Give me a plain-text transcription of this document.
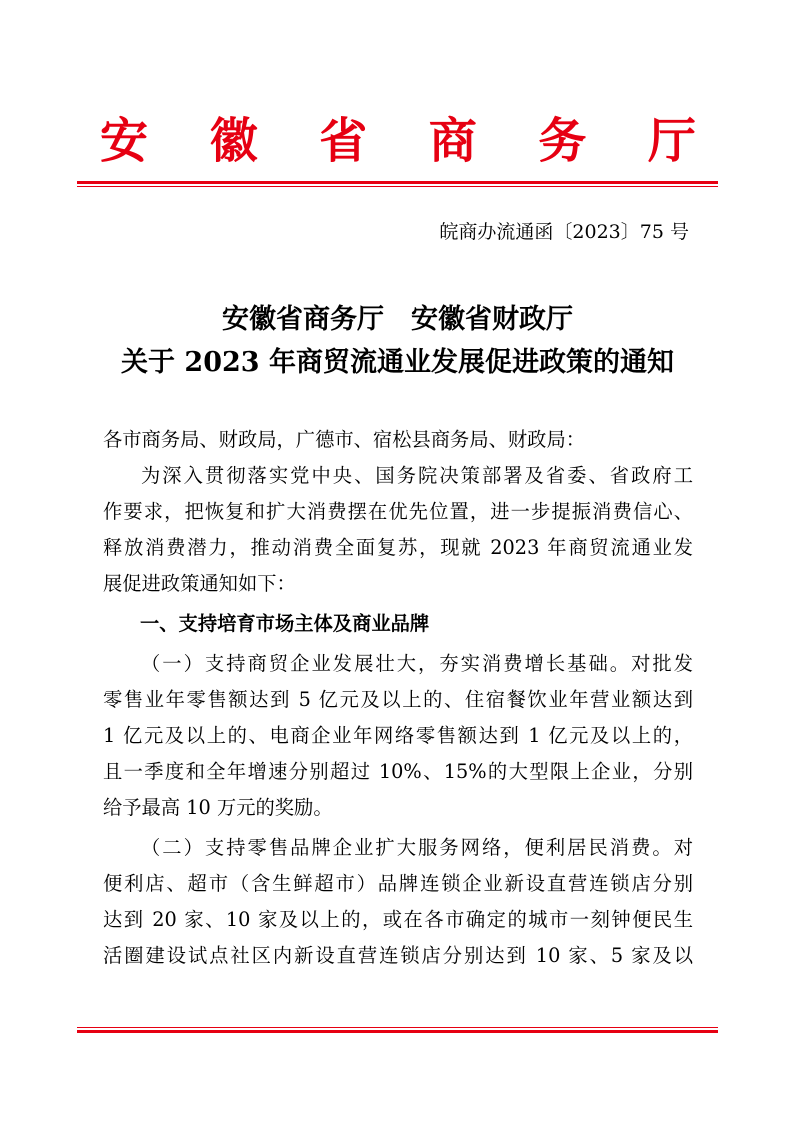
安 徽 省 商 务 厅
皖商办流通函〔2023〕75 号
安徽省商务厅　安徽省财政厅
关于 2023 年商贸流通业发展促进政策的通知
各市商务局、财政局，广德市、宿松县商务局、财政局：
为深入贯彻落实党中央、国务院决策部署及省委、省政府工
作要求，把恢复和扩大消费摆在优先位置，进一步提振消费信心、
释放消费潜力，推动消费全面复苏，现就 2023 年商贸流通业发
展促进政策通知如下：
一、支持培育市场主体及商业品牌
（一）支持商贸企业发展壮大，夯实消费增长基础。对批发
零售业年零售额达到 5 亿元及以上的、住宿餐饮业年营业额达到
1 亿元及以上的、电商企业年网络零售额达到 1 亿元及以上的，
且一季度和全年增速分别超过 10%、15%的大型限上企业，分别
给予最高 10 万元的奖励。
（二）支持零售品牌企业扩大服务网络，便利居民消费。对
便利店、超市（含生鲜超市）品牌连锁企业新设直营连锁店分别
达到 20 家、10 家及以上的，或在各市确定的城市一刻钟便民生
活圈建设试点社区内新设直营连锁店分别达到 10 家、5 家及以
